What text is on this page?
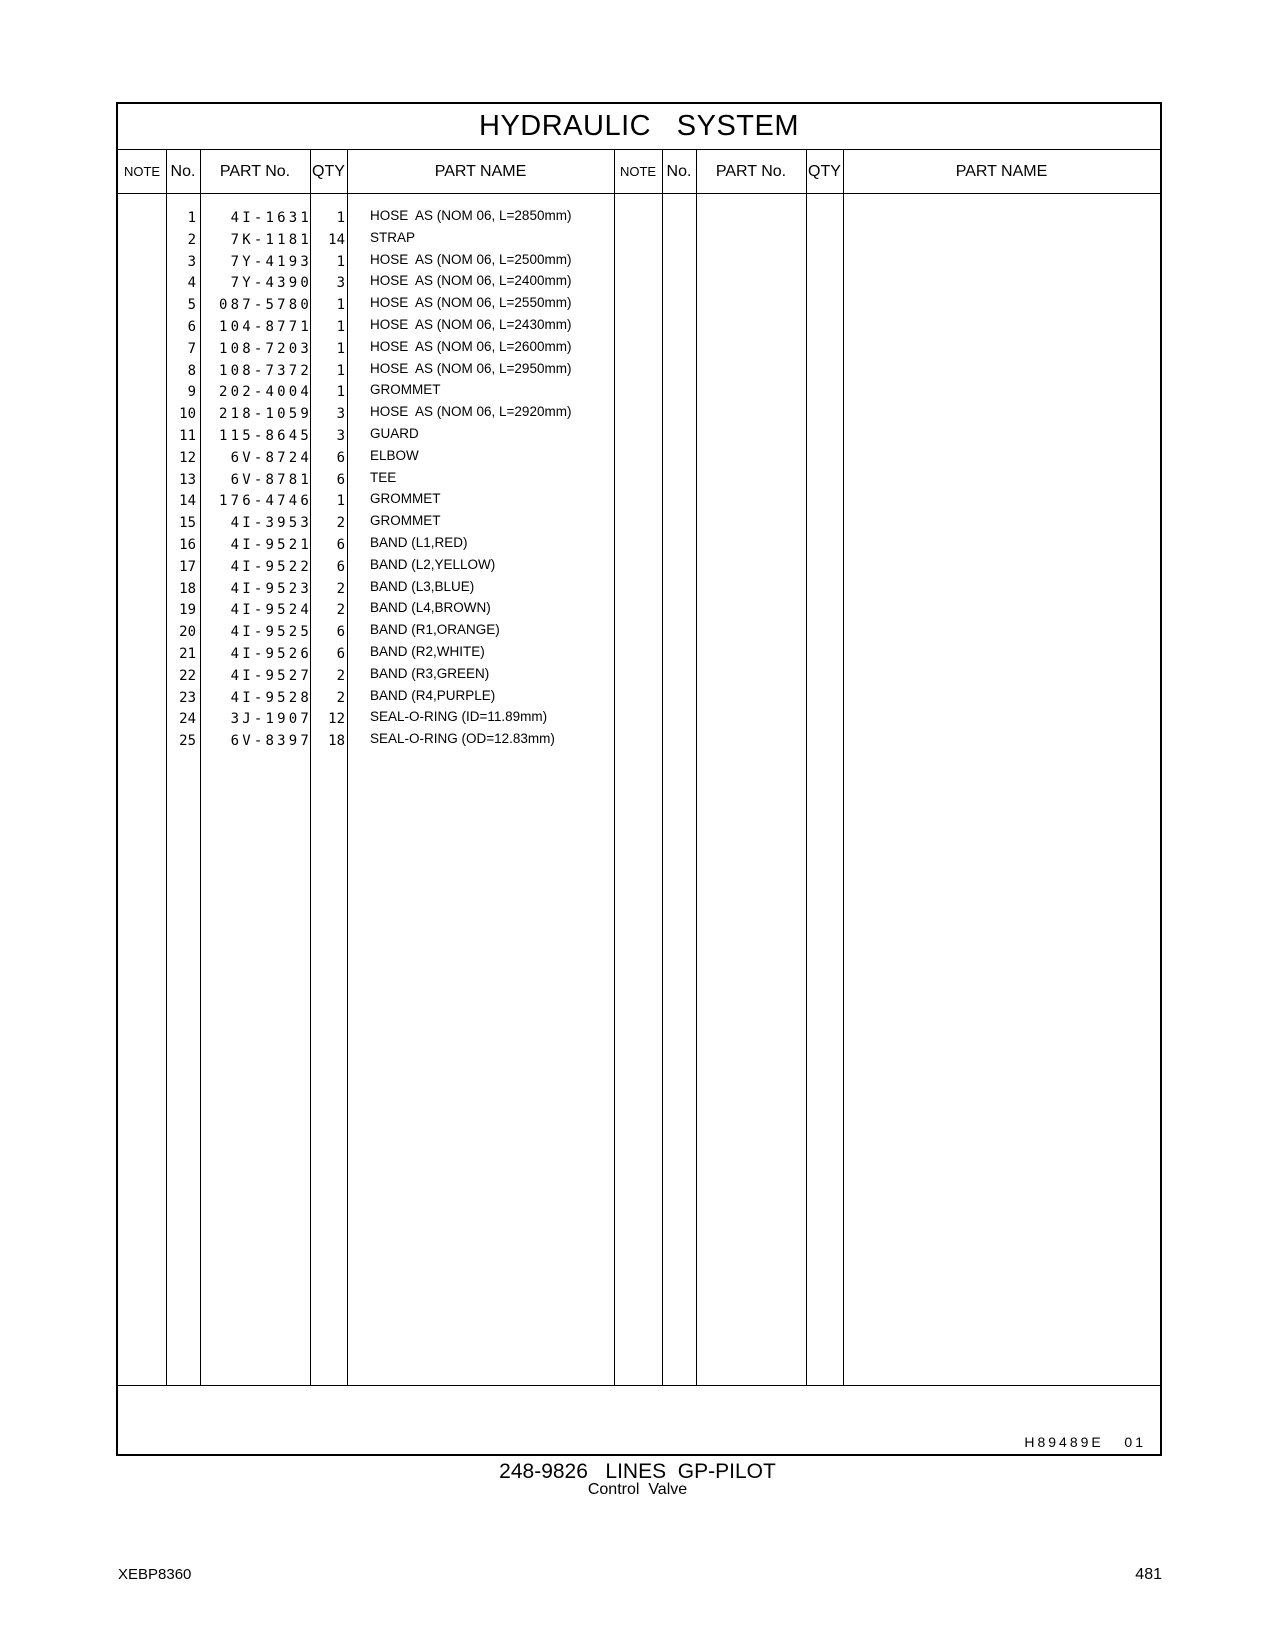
HYDRAULIC   SYSTEM
NOTE No.	PART No.	QTY	PART NAME	NOTE No.	PART No.	QTY	PART NAME
1	4I-1631	1 HOSE  AS (NOM 06, L=2850mm)
2	7K-1181	14 STRAP
3	7Y-4193	1 HOSE  AS (NOM 06, L=2500mm)
4	7Y-4390	3 HOSE  AS (NOM 06, L=2400mm)
5	087-5780	1 HOSE  AS (NOM 06, L=2550mm)
6	104-8771	1 HOSE  AS (NOM 06, L=2430mm)
7	108-7203	1 HOSE  AS (NOM 06, L=2600mm)
8	108-7372	1 HOSE  AS (NOM 06, L=2950mm)
9	202-4004	1 GROMMET
10	218-1059	3 HOSE  AS (NOM 06, L=2920mm)
11	115-8645	3 GUARD
12	6V-8724	6 ELBOW
13	6V-8781	6 TEE
14	176-4746	1 GROMMET
15	4I-3953	2 GROMMET
16	4I-9521	6 BAND (L1,RED)
17	4I-9522	6 BAND (L2,YELLOW)
18	4I-9523	2 BAND (L3,BLUE)
19	4I-9524	2 BAND (L4,BROWN)
20	4I-9525	6 BAND (R1,ORANGE)
21	4I-9526	6 BAND (R2,WHITE)
22	4I-9527	2 BAND (R3,GREEN)
23	4I-9528	2 BAND (R4,PURPLE)
24	3J-1907	12 SEAL-O-RING (ID=11.89mm)
25	6V-8397	18 SEAL-O-RING (OD=12.83mm)
H89489E   01
248-9826   LINES  GP-PILOT
Control  Valve
XEBP8360	481
